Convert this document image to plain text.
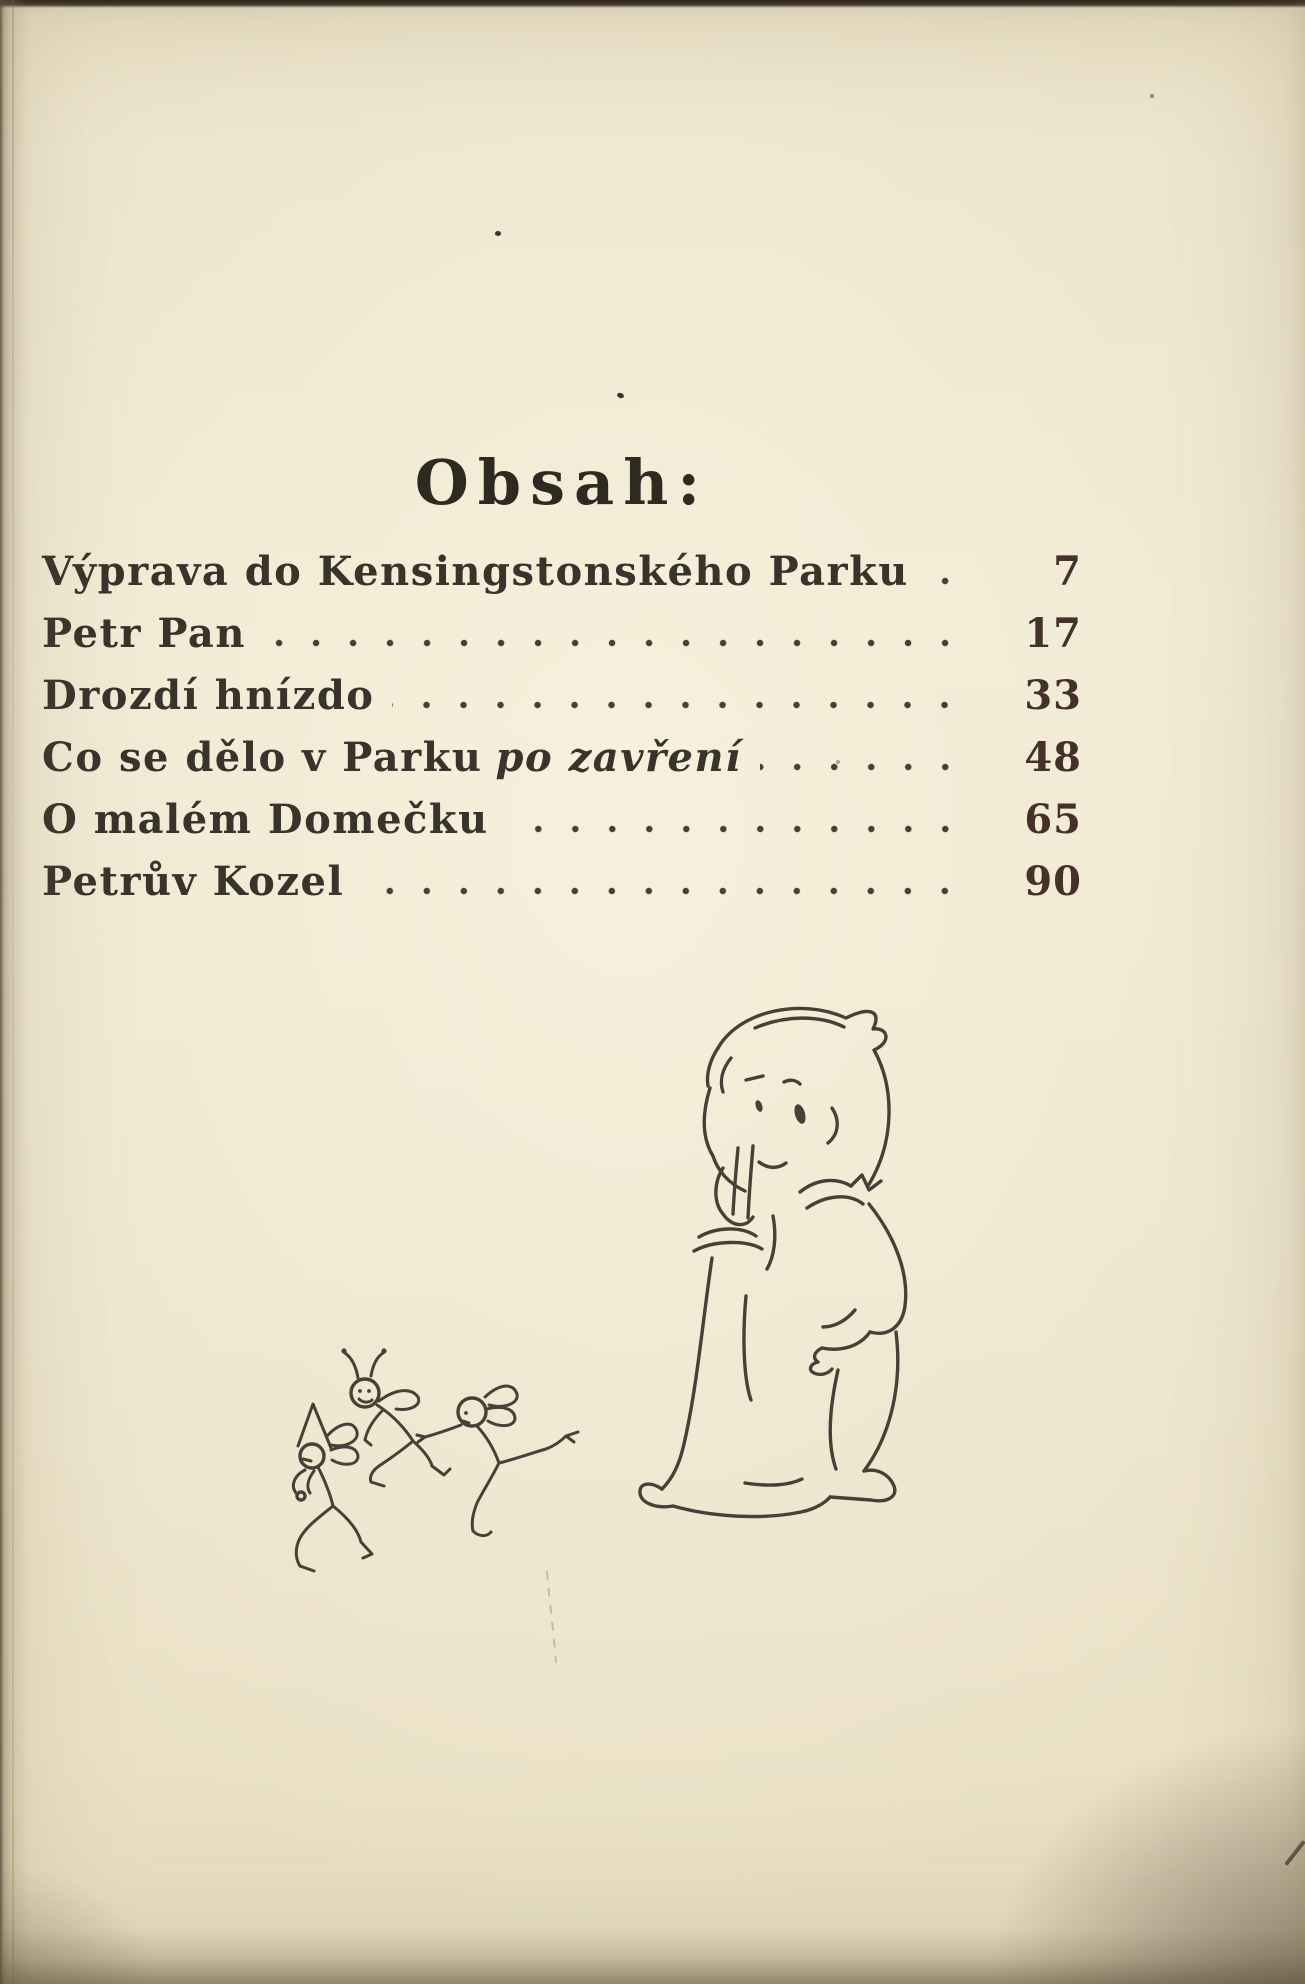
Obsah:
Výprava do Kensingstonského Parku	7
Petr Pan	17
Drozdí hnízdo	33
Co se dělo v Parku po zavření	48
O malém Domečku	65
Petrův Kozel	90
